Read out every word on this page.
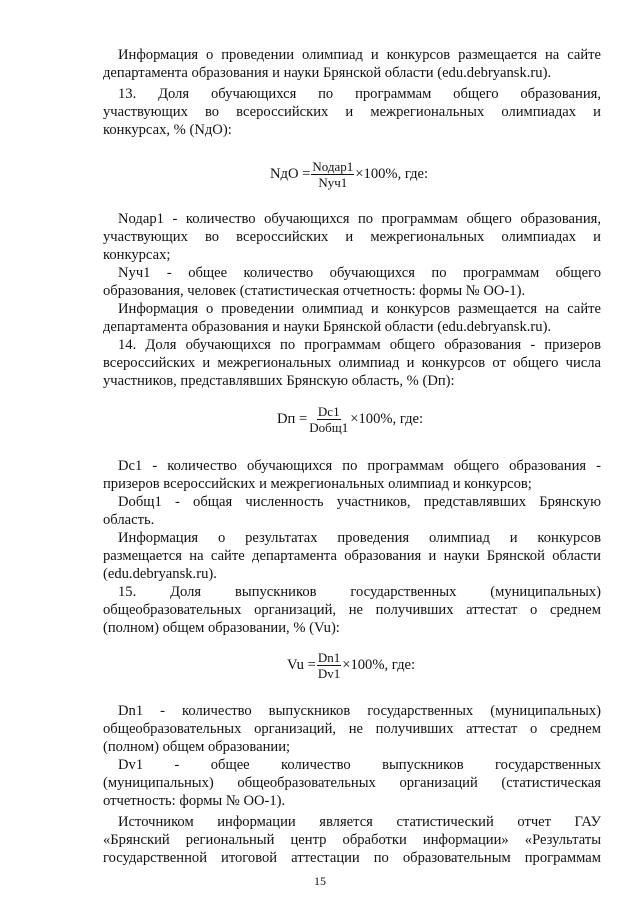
Информация о проведении олимпиад и конкурсов размещается на сайте

департамента образования и науки Брянской области (edu.debryansk.ru).

13. Доля обучающихся по программам общего образования,

участвующих во всероссийских и межрегиональных олимпиадах и

конкурсах, % (NдО):

NдО = $\frac{\text{Nодар1}}{\text{Nуч1}} \times 100\%$, где:

Nодар1 - количество обучающихся по программам общего образования,

участвующих во всероссийских и межрегиональных олимпиадах и

конкурсах;

Nуч1 - общее количество обучающихся по программам общего

образования, человек (статистическая отчетность: формы № ОО-1).

Информация о проведении олимпиад и конкурсов размещается на сайте

департамента образования и науки Брянской области (edu.debryansk.ru).

14. Доля обучающихся по программам общего образования - призеров

всероссийских и межрегиональных олимпиад и конкурсов от общего числа

участников, представлявших Брянскую область, % (Dп):

Dп = $\frac{Dс1}{\text{Dобщ1}} \times 100\%$, где:

Dс1 - количество обучающихся по программам общего образования -

призеров всероссийских и межрегиональных олимпиад и конкурсов;

Dобщ1 - общая численность участников, представлявших Брянскую

область.

Информация о результатах проведения олимпиад и конкурсов

размещается на сайте департамента образования и науки Брянской области

(edu.debryansk.ru).

15. Доля выпускников государственных (муниципальных)

общеобразовательных организаций, не получивших аттестат о среднем

(полном) общем образовании, % (Vu):

$Vu = \frac{Dn1}{Dv1} \times 100\%$, где:

Dn1 - количество выпускников государственных (муниципальных)

общеобразовательных организаций, не получивших аттестат о среднем

(полном) общем образовании;

Dv1 - общее количество выпускников государственных

(муниципальных) общеобразовательных организаций (статистическая

отчетность: формы № ОО-1).

Источником информации является статистический отчет ГАУ

«Брянский региональный центр обработки информации» «Результаты

государственной итоговой аттестации по образовательным программам

15
